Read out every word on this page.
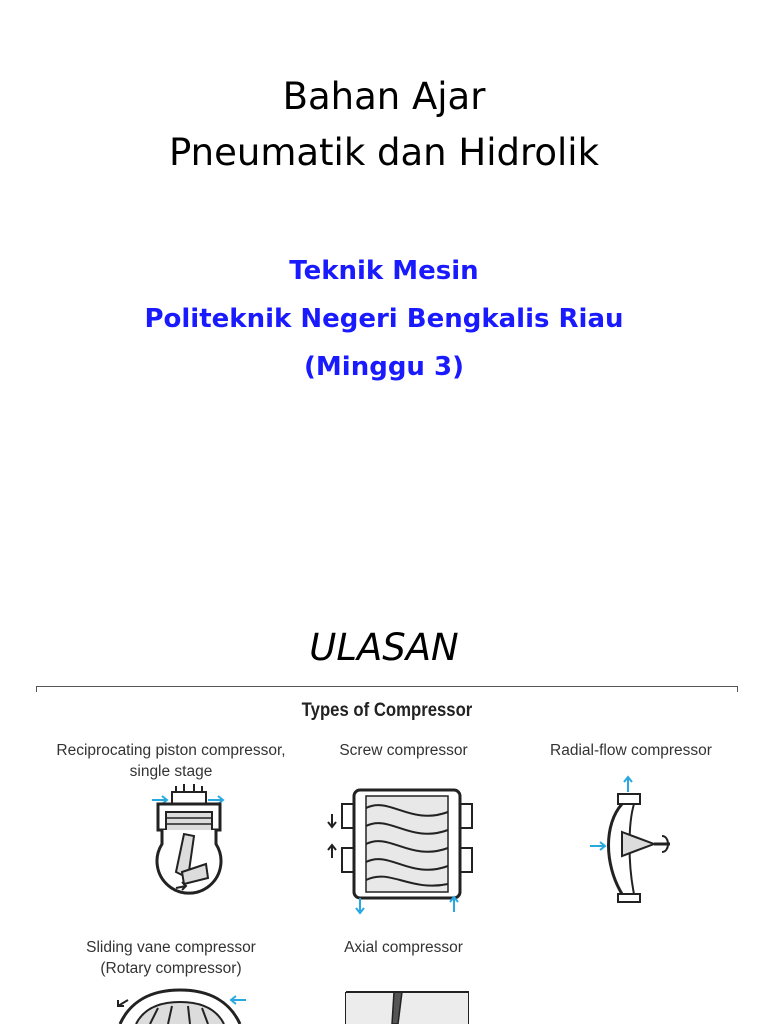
Bahan Ajar
Pneumatik dan Hidrolik
Teknik Mesin
Politeknik Negeri Bengkalis Riau
(Minggu 3)
ULASAN
Types of Compressor
Reciprocating piston compressor,
single stage
Screw compressor	Radial-flow compressor
Sliding vane compressor
(Rotary compressor)
Axial compressor
